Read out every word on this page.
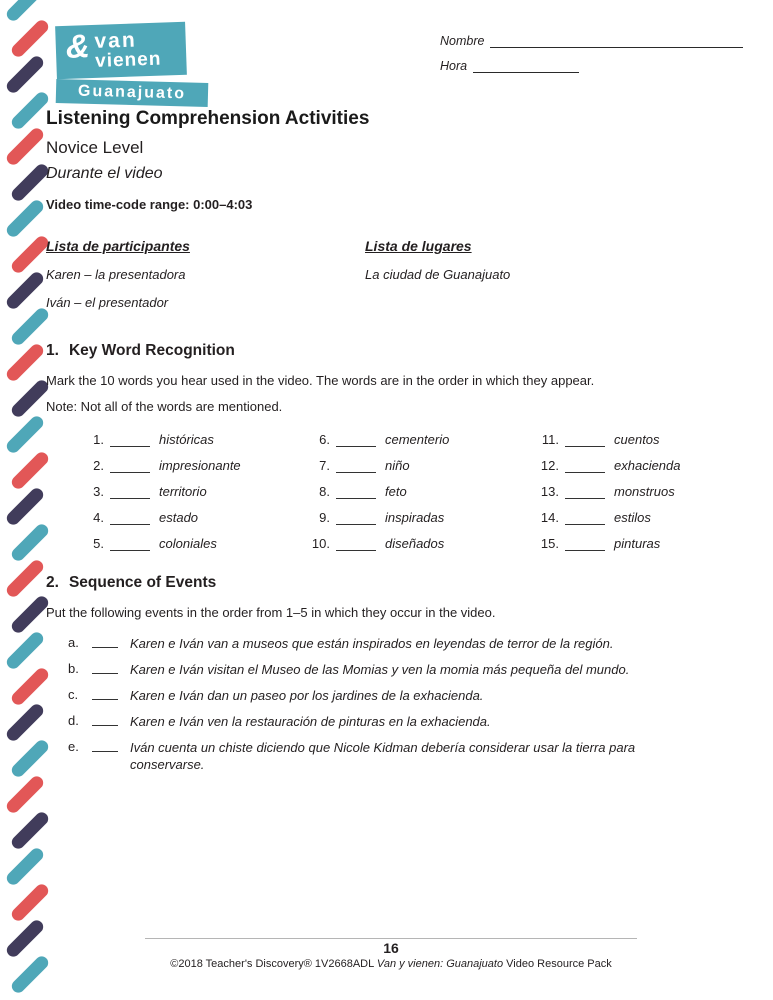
& van
vienen
Guanajuato
Nombre
Hora
Listening Comprehension Activities
Novice Level
Durante el video
Video time-code range: 0:00–4:03
Lista de participantes
Karen – la presentadora
Iván – el presentador
Lista de lugares
La ciudad de Guanajuato
1. Key Word Recognition
Mark the 10 words you hear used in the video. The words are in the order in which they appear.
Note: Not all of the words are mentioned.
1.	históricas
2.	impresionante
3.	territorio
4.	estado
5.	coloniales
6.	cementerio
7.	niño
8.	feto
9.	inspiradas
10.	diseñados
11.	cuentos
12.	exhacienda
13.	monstruos
14.	estilos
15.	pinturas
2. Sequence of Events
Put the following events in the order from 1–5 in which they occur in the video.
a.	Karen e Iván van a museos que están inspirados en leyendas de terror de la región.
b.	Karen e Iván visitan el Museo de las Momias y ven la momia más pequeña del mundo.
c.	Karen e Iván dan un paseo por los jardines de la exhacienda.
d.	Karen e Iván ven la restauración de pinturas en la exhacienda.
e.	Iván cuenta un chiste diciendo que Nicole Kidman debería considerar usar la tierra para conservarse.
16
©2018 Teacher's Discovery® 1V2668ADL Van y vienen: Guanajuato Video Resource Pack
